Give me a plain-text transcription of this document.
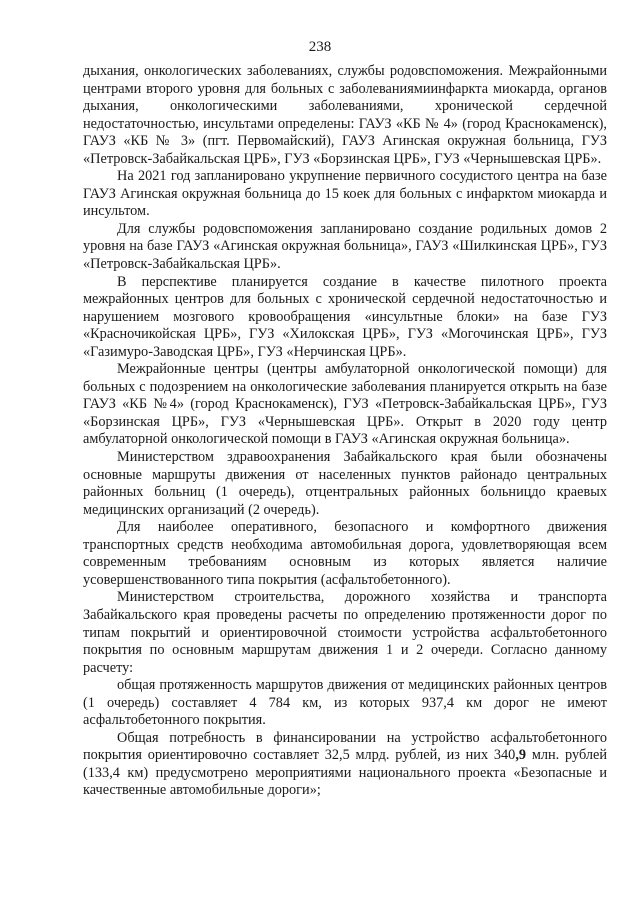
238

дыхания, онкологических заболеваниях, службы родовспоможения. Межрайонными центрами второго уровня для больных с заболеваниямиинфаркта миокарда, органов дыхания, онкологическими заболеваниями, хронической сердечной недостаточностью, инсультами определены: ГАУЗ «КБ № 4» (город Краснокаменск), ГАУЗ «КБ № 3» (пгт. Первомайский), ГАУЗ Агинская окружная больница, ГУЗ «Петровск-Забайкальская ЦРБ», ГУЗ «Борзинская ЦРБ», ГУЗ «Чернышевская ЦРБ».

На 2021 год запланировано укрупнение первичного сосудистого центра на базе ГАУЗ Агинская окружная больница до 15 коек для больных с инфарктом миокарда и инсультом.

Для службы родовспоможения запланировано создание родильных домов 2 уровня на базе ГАУЗ «Агинская окружная больница», ГАУЗ «Шилкинская ЦРБ», ГУЗ «Петровск-Забайкальская ЦРБ».

В перспективе планируется создание в качестве пилотного проекта межрайонных центров для больных с хронической сердечной недостаточностью и нарушением мозгового кровообращения «инсультные блоки» на базе ГУЗ «Красночикойская ЦРБ», ГУЗ «Хилокская ЦРБ», ГУЗ «Могочинская ЦРБ», ГУЗ «Газимуро-Заводская ЦРБ», ГУЗ «Нерчинская ЦРБ».

Межрайонные центры (центры амбулаторной онкологической помощи) для больных с подозрением на онкологические заболевания планируется открыть на базе ГАУЗ «КБ №4» (город Краснокаменск), ГУЗ «Петровск-Забайкальская ЦРБ», ГУЗ «Борзинская ЦРБ», ГУЗ «Чернышевская ЦРБ». Открыт в 2020 году центр амбулаторной онкологической помощи в ГАУЗ «Агинская окружная больница».

Министерством здравоохранения Забайкальского края были обозначены основные маршруты движения от населенных пунктов районадо центральных районных больниц (1 очередь), отцентральных районных больницдо краевых медицинских организаций (2 очередь).

Для наиболее оперативного, безопасного и комфортного движения транспортных средств необходима автомобильная дорога, удовлетворяющая всем современным требованиям основным из которых является наличие усовершенствованного типа покрытия (асфальтобетонного).

Министерством строительства, дорожного хозяйства и транспорта Забайкальского края проведены расчеты по определению протяженности дорог по типам покрытий и ориентировочной стоимости устройства асфальтобетонного покрытия по основным маршрутам движения 1 и 2 очереди. Согласно данному расчету:

общая протяженность маршрутов движения от медицинских районных центров (1 очередь) составляет 4 784 км, из которых 937,4 км дорог не имеют асфальтобетонного покрытия.

Общая потребность в финансировании на устройство асфальтобетонного покрытия ориентировочно составляет 32,5 млрд. рублей, из них 340,9 млн. рублей (133,4 км) предусмотрено мероприятиями национального проекта «Безопасные и качественные автомобильные дороги»;
